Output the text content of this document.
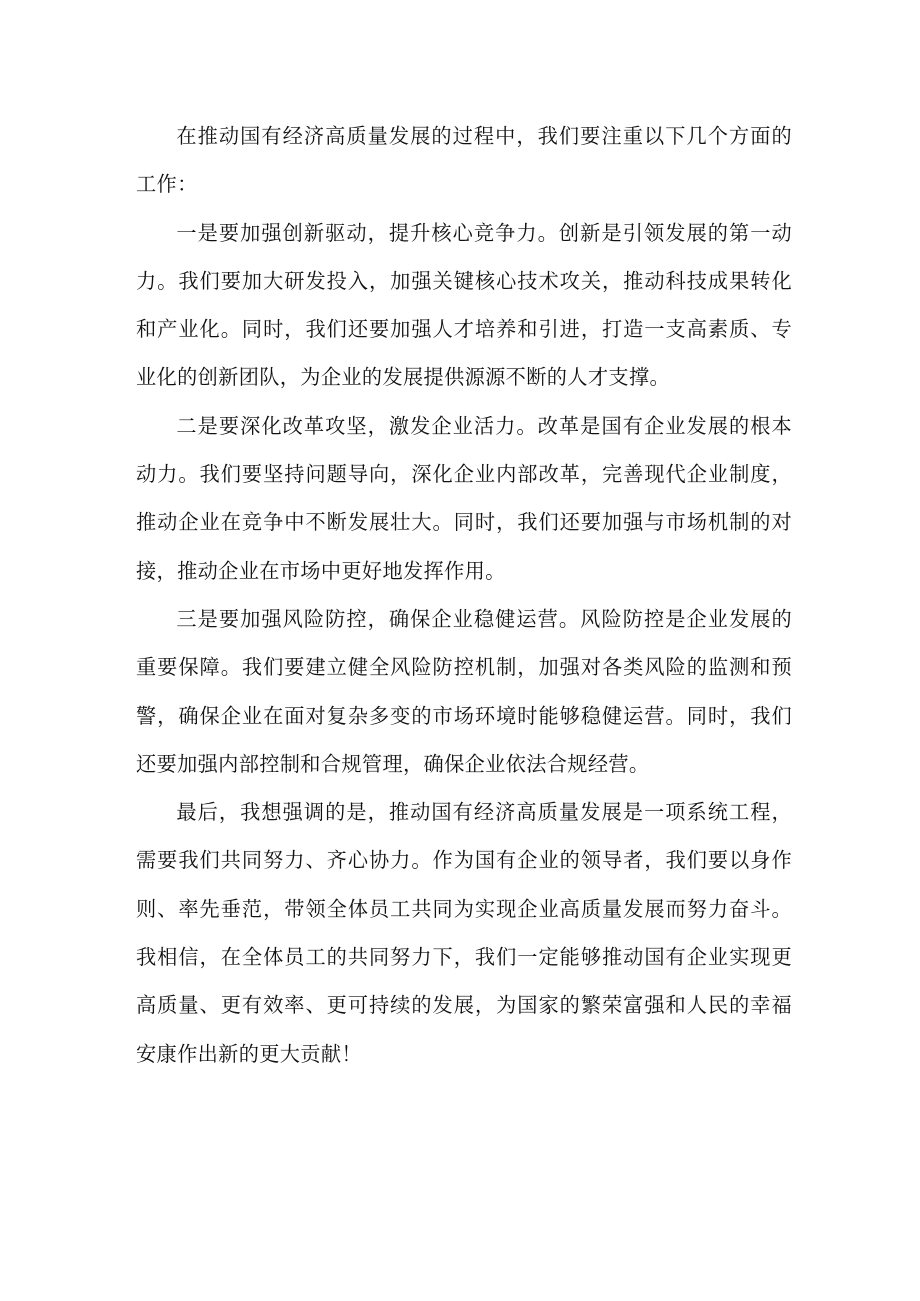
在推动国有经济高质量发展的过程中，我们要注重以下几个方面的工作：

一是要加强创新驱动，提升核心竞争力。创新是引领发展的第一动力。我们要加大研发投入，加强关键核心技术攻关，推动科技成果转化和产业化。同时，我们还要加强人才培养和引进，打造一支高素质、专业化的创新团队，为企业的发展提供源源不断的人才支撑。

二是要深化改革攻坚，激发企业活力。改革是国有企业发展的根本动力。我们要坚持问题导向，深化企业内部改革，完善现代企业制度，推动企业在竞争中不断发展壮大。同时，我们还要加强与市场机制的对接，推动企业在市场中更好地发挥作用。

三是要加强风险防控，确保企业稳健运营。风险防控是企业发展的重要保障。我们要建立健全风险防控机制，加强对各类风险的监测和预警，确保企业在面对复杂多变的市场环境时能够稳健运营。同时，我们还要加强内部控制和合规管理，确保企业依法合规经营。

最后，我想强调的是，推动国有经济高质量发展是一项系统工程，需要我们共同努力、齐心协力。作为国有企业的领导者，我们要以身作则、率先垂范，带领全体员工共同为实现企业高质量发展而努力奋斗。我相信，在全体员工的共同努力下，我们一定能够推动国有企业实现更高质量、更有效率、更可持续的发展，为国家的繁荣富强和人民的幸福安康作出新的更大贡献！
